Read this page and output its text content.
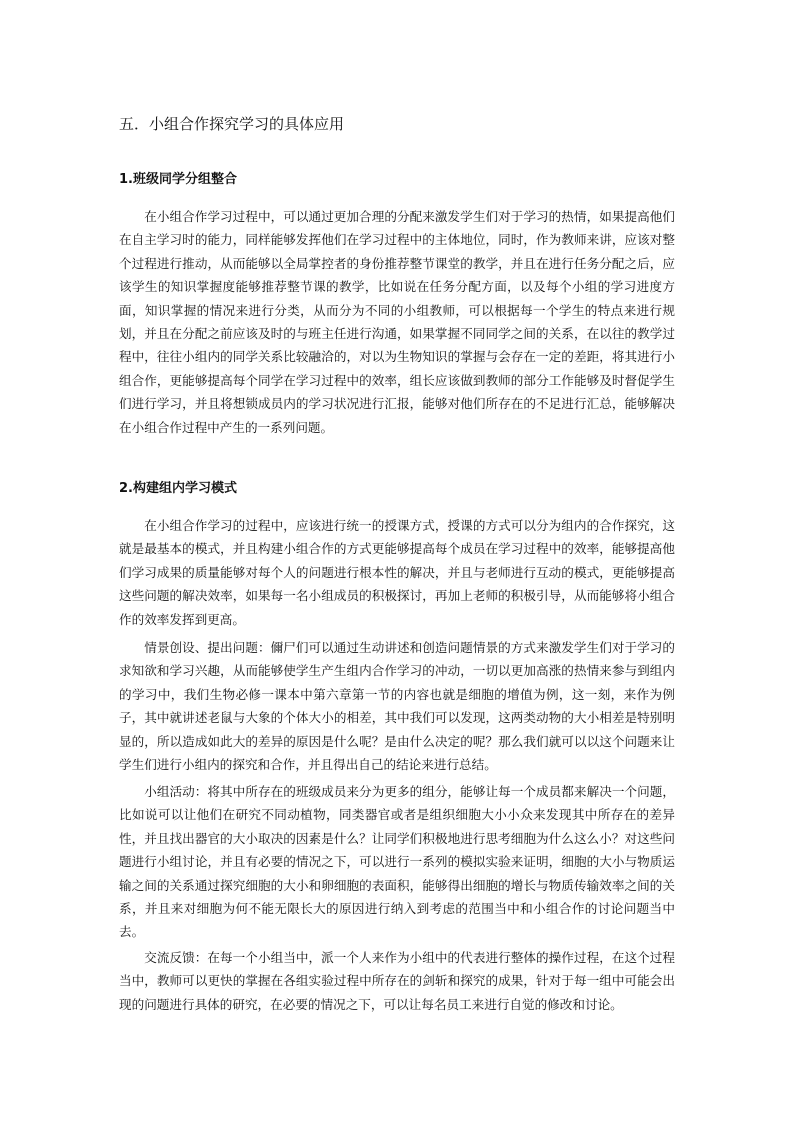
五．小组合作探究学习的具体应用
1.班级同学分组整合

在小组合作学习过程中，可以通过更加合理的分配来激发学生们对于学习的热情，如果提高他们在自主学习时的能力，同样能够发挥他们在学习过程中的主体地位，同时，作为教师来讲，应该对整个过程进行推动，从而能够以全局掌控者的身份推荐整节课堂的教学，并且在进行任务分配之后，应该学生的知识掌握度能够推荐整节课的教学，比如说在任务分配方面，以及每个小组的学习进度方面，知识掌握的情况来进行分类，从而分为不同的小组教师，可以根据每一个学生的特点来进行规划，并且在分配之前应该及时的与班主任进行沟通，如果掌握不同同学之间的关系，在以往的教学过程中，往往小组内的同学关系比较融洽的，对以为生物知识的掌握与会存在一定的差距，将其进行小组合作，更能够提高每个同学在学习过程中的效率，组长应该做到教师的部分工作能够及时督促学生们进行学习，并且将想锁成员内的学习状况进行汇报，能够对他们所存在的不足进行汇总，能够解决在小组合作过程中产生的一系列问题。

2.构建组内学习模式

在小组合作学习的过程中，应该进行统一的授课方式，授课的方式可以分为组内的合作探究，这就是最基本的模式，并且构建小组合作的方式更能够提高每个成员在学习过程中的效率，能够提高他们学习成果的质量能够对每个人的问题进行根本性的解决，并且与老师进行互动的模式，更能够提高这些问题的解决效率，如果每一名小组成员的积极探讨，再加上老师的积极引导，从而能够将小组合作的效率发挥到更高。

情景创设、提出问题：儞尸们可以通过生动讲述和创造问题情景的方式来激发学生们对于学习的求知欲和学习兴趣，从而能够使学生产生组内合作学习的冲动，一切以更加高涨的热情来参与到组内的学习中，我们生物必修一课本中第六章第一节的内容也就是细胞的增值为例，这一刻，来作为例子，其中就讲述老鼠与大象的个体大小的相差，其中我们可以发现，这两类动物的大小相差是特别明显的，所以造成如此大的差异的原因是什么呢？是由什么决定的呢？那么我们就可以以这个问题来让学生们进行小组内的探究和合作，并且得出自己的结论来进行总结。

小组活动：将其中所存在的班级成员来分为更多的组分，能够让每一个成员都来解决一个问题，比如说可以让他们在研究不同动植物，同类器官或者是组织细胞大小小众来发现其中所存在的差异性，并且找出器官的大小取决的因素是什么？让同学们积极地进行思考细胞为什么这么小？对这些问题进行小组讨论，并且有必要的情况之下，可以进行一系列的模拟实验来证明，细胞的大小与物质运输之间的关系通过探究细胞的大小和卵细胞的表面积，能够得出细胞的增长与物质传输效率之间的关系，并且来对细胞为何不能无限长大的原因进行纳入到考虑的范围当中和小组合作的讨论问题当中去。

交流反馈：在每一个小组当中，派一个人来作为小组中的代表进行整体的操作过程，在这个过程当中，教师可以更快的掌握在各组实验过程中所存在的剑斩和探究的成果，针对于每一组中可能会出现的问题进行具体的研究，在必要的情况之下，可以让每名员工来进行自觉的修改和讨论。
